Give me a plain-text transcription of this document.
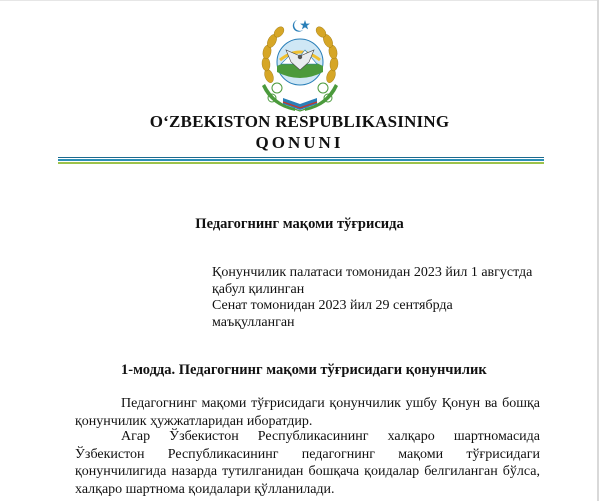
O‘ZBEKISTON RESPUBLIKASINING
QONUNI
Педагогнинг мақоми тўғрисида
Қонунчилик палатаси томонидан 2023 йил 1 августда
қабул қилинган
Сенат томонидан 2023 йил 29 сентябрда
маъқулланган
1-модда. Педагогнинг мақоми тўғрисидаги қонунчилик
Педагогнинг мақоми тўғрисидаги қонунчилик ушбу Қонун ва бошқа қонунчилик ҳужжатларидан иборатдир.
Агар Ўзбекистон Республикасининг халқаро шартномасида Ўзбекистон Республикасининг педагогнинг мақоми тўғрисидаги қонунчилигида назарда тутилганидан бошқача қоидалар белгиланган бўлса, халқаро шартнома қоидалари қўлланилади.
